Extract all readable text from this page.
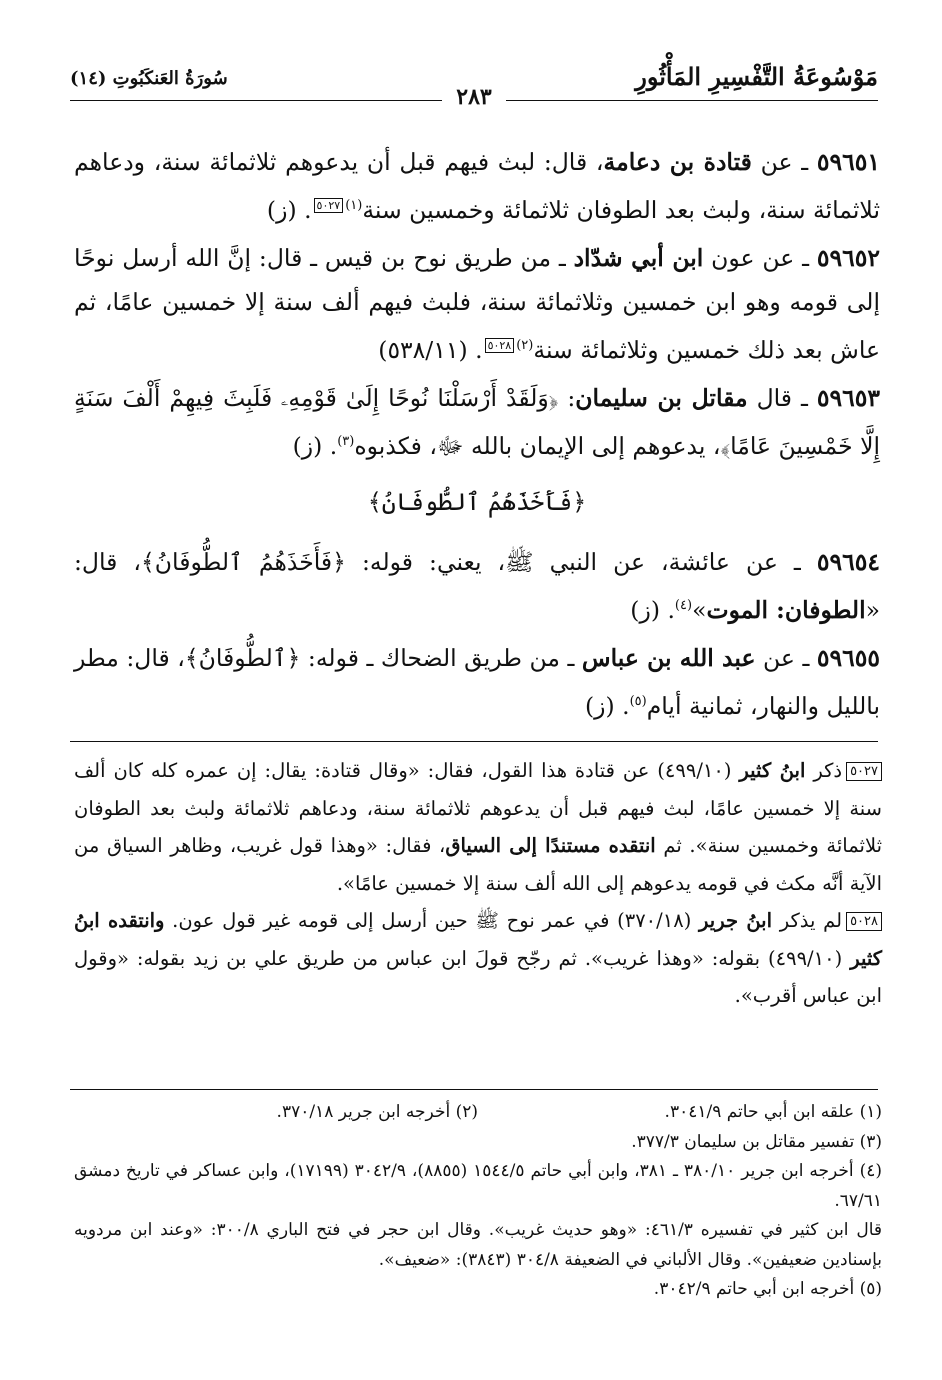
مَوْسُوعَةُ التَّفْسِيرِ المَأْثُورِ
سُورَةُ العَنكَبُوتِ (١٤)
٢٨٣

٥٩٦٥١ ـ عن قتادة بن دعامة، قال: لبث فيهم قبل أن يدعوهم ثلاثمائة سنة، ودعاهم ثلاثمائة سنة، ولبث بعد الطوفان ثلاثمائة وخمسين سنة$^{(١)}$٥٠٢٧. (ز)

٥٩٦٥٢ ـ عن عون ابن أبي شدّاد ـ من طريق نوح بن قيس ـ قال: إنَّ الله أرسل نوحًا إلى قومه وهو ابن خمسين وثلاثمائة سنة، فلبث فيهم ألف سنة إلا خمسين عامًا، ثم عاش بعد ذلك خمسين وثلاثمائة سنة$^{(٢)}$٥٠٢٨. (٥٣٨/١١)

٥٩٦٥٣ ـ قال مقاتل بن سليمان: ﴿وَلَقَدْ أَرْسَلْنَا نُوحًا إِلَىٰ قَوْمِهِۦ فَلَبِثَ فِيهِمْ أَلْفَ سَنَةٍ إِلَّا خَمْسِينَ عَامًا﴾، يدعوهم إلى الإيمان بالله ﷻ، فكذبوه$^{(٣)}$. (ز)

﴿فَأَخَذَهُمُ ٱلطُّوفَانُ﴾

٥٩٦٥٤ ـ عن عائشة، عن النبي ﷺ، يعني: قوله: ﴿فَأَخَذَهُمُ ٱلطُّوفَانُ﴾، قال: «الطوفان: الموت»$^{(٤)}$. (ز)

٥٩٦٥٥ ـ عن عبد الله بن عباس ـ من طريق الضحاك ـ قوله: ﴿ٱلطُّوفَانُ﴾، قال: مطر بالليل والنهار، ثمانية أيام$^{(٥)}$. (ز)

٥٠٢٧ذكر ابنُ كثير (٤٩٩/١٠) عن قتادة هذا القول، فقال: «وقال قتادة: يقال: إن عمره كله كان ألف سنة إلا خمسين عامًا، لبث فيهم قبل أن يدعوهم ثلاثمائة سنة، ودعاهم ثلاثمائة ولبث بعد الطوفان ثلاثمائة وخمسين سنة». ثم انتقده مستندًا إلى السياق، فقال: «وهذا قول غريب، وظاهر السياق من الآية أنَّه مكث في قومه يدعوهم إلى الله ألف سنة إلا خمسين عامًا».

٥٠٢٨لم يذكر ابنُ جرير (٣٧٠/١٨) في عمر نوح ﷺ حين أرسل إلى قومه غير قول عون. وانتقده ابنُ كثير (٤٩٩/١٠) بقوله: «وهذا غريب». ثم رجّح قولَ ابن عباس من طريق علي بن زيد بقوله: «وقول ابن عباس أقرب».

(١) علقه ابن أبي حاتم ٣٠٤١/٩.

(٢) أخرجه ابن جرير ٣٧٠/١٨.

(٣) تفسير مقاتل بن سليمان ٣٧٧/٣.

(٤) أخرجه ابن جرير ٣٨٠/١٠ ـ ٣٨١، وابن أبي حاتم ١٥٤٤/٥ (٨٨٥٥)، ٣٠٤٢/٩ (١٧١٩٩)، وابن عساكر في تاريخ دمشق ٦٧/٦١.

قال ابن كثير في تفسيره ٤٦١/٣: «وهو حديث غريب». وقال ابن حجر في فتح الباري ٣٠٠/٨: «وعند ابن مردويه بإسنادين ضعيفين». وقال الألباني في الضعيفة ٣٠٤/٨ (٣٨٤٣): «ضعيف».

(٥) أخرجه ابن أبي حاتم ٣٠٤٢/٩.
